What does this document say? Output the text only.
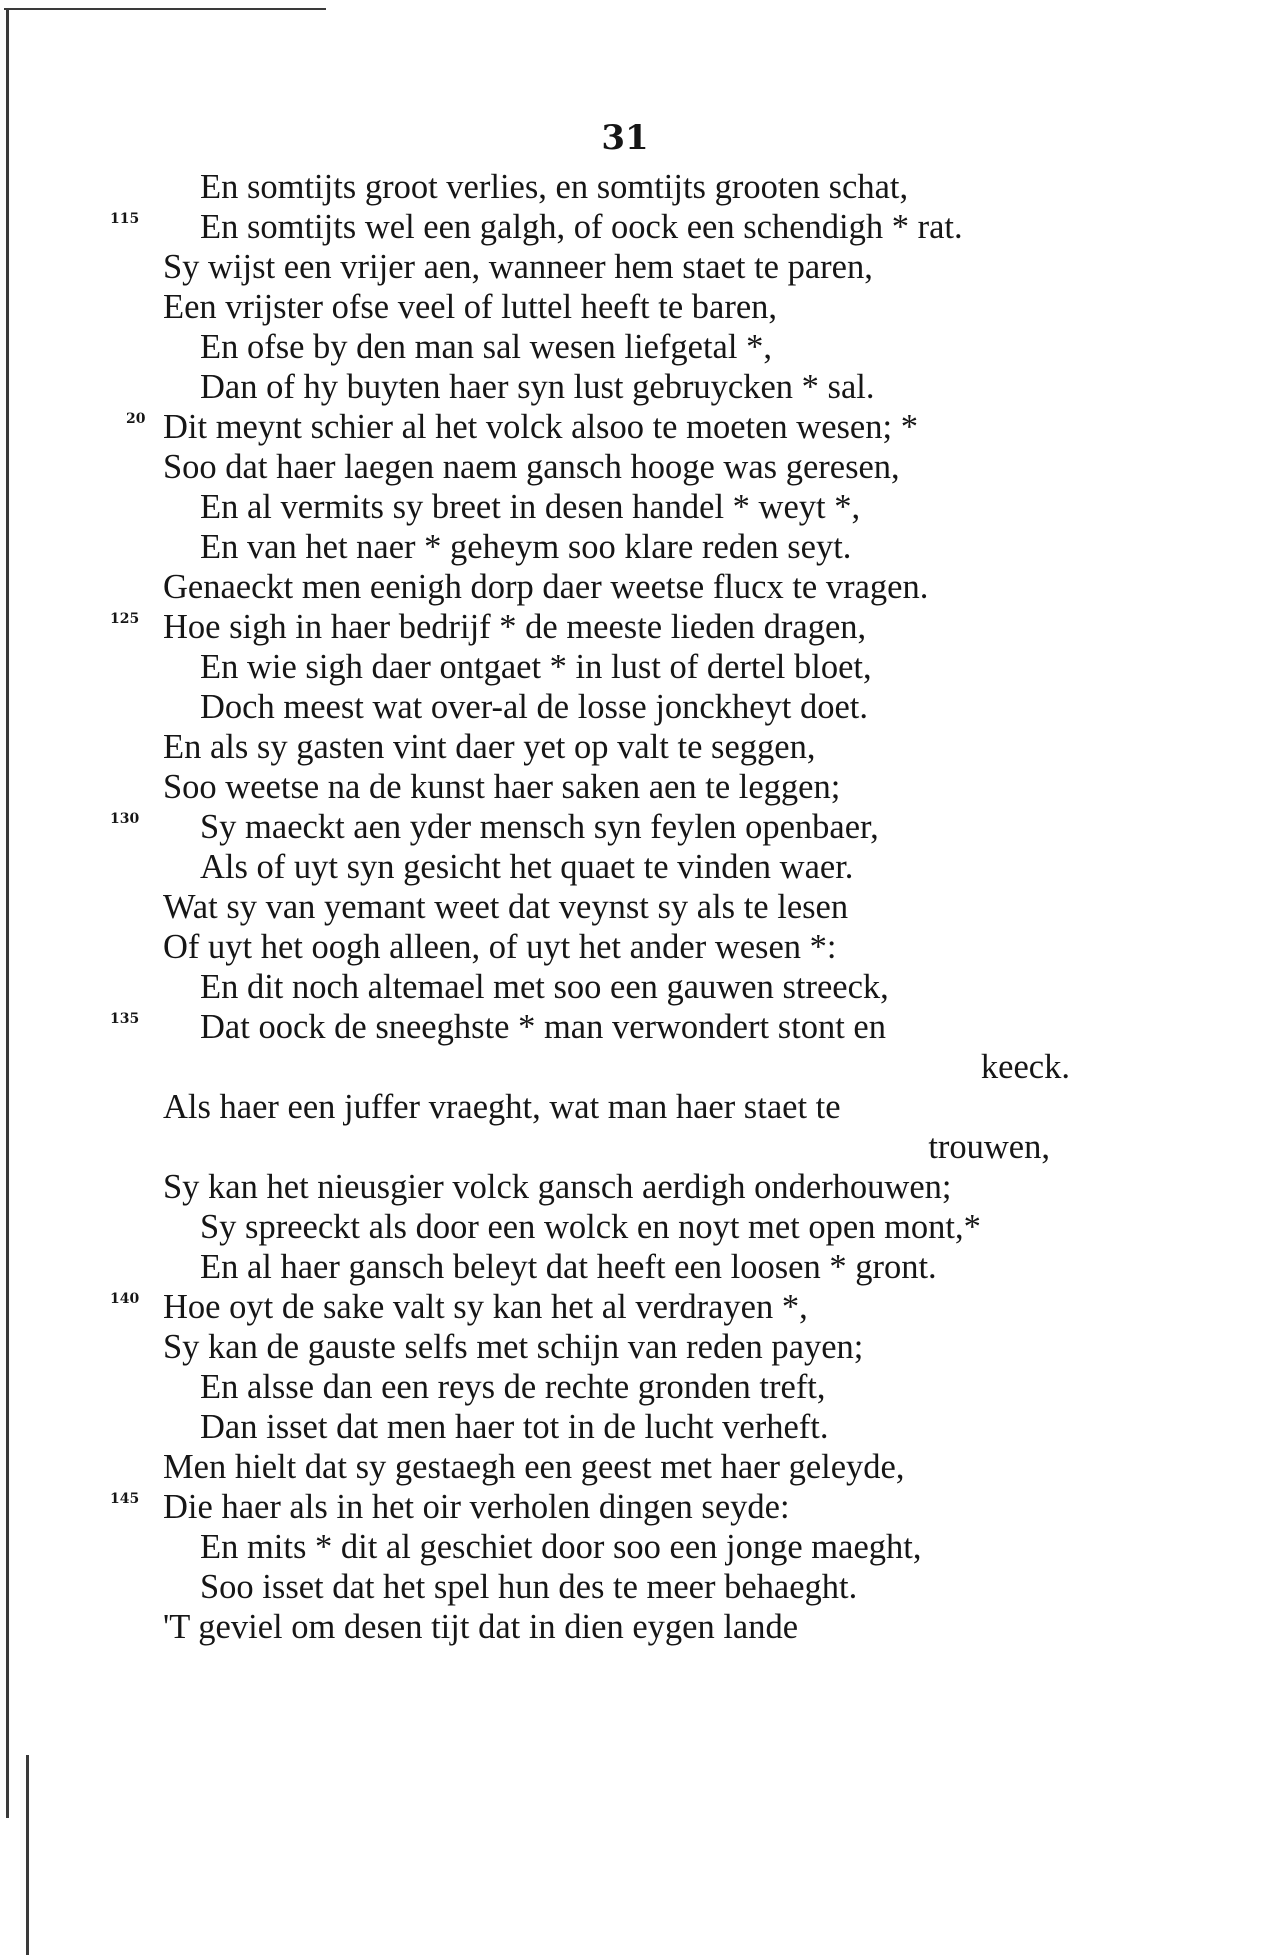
31
En somtijts groot verlies, en somtijts grooten schat,
En somtijts wel een galgh, of oock een schendigh * rat.
Sy wijst een vrijer aen, wanneer hem staet te paren,
Een vrijster ofse veel of luttel heeft te baren,
En ofse by den man sal wesen liefgetal *,
Dan of hy buyten haer syn lust gebruycken * sal.
Dit meynt schier al het volck alsoo te moeten wesen; *
Soo dat haer laegen naem gansch hooge was geresen,
En al vermits sy breet in desen handel * weyt *,
En van het naer * geheym soo klare reden seyt.
Genaeckt men eenigh dorp daer weetse flucx te vragen.
Hoe sigh in haer bedrijf * de meeste lieden dragen,
En wie sigh daer ontgaet * in lust of dertel bloet,
Doch meest wat over-al de losse jonckheyt doet.
En als sy gasten vint daer yet op valt te seggen,
Soo weetse na de kunst haer saken aen te leggen;
Sy maeckt aen yder mensch syn feylen openbaer,
Als of uyt syn gesicht het quaet te vinden waer.
Wat sy van yemant weet dat veynst sy als te lesen
Of uyt het oogh alleen, of uyt het ander wesen *:
En dit noch altemael met soo een gauwen streeck,
Dat oock de sneeghste * man verwondert stont en
keeck.
Als haer een juffer vraeght, wat man haer staet te
trouwen,
Sy kan het nieusgier volck gansch aerdigh onderhouwen;
Sy spreeckt als door een wolck en noyt met open mont,*
En al haer gansch beleyt dat heeft een loosen * gront.
Hoe oyt de sake valt sy kan het al verdrayen *,
Sy kan de gauste selfs met schijn van reden payen;
En alsse dan een reys de rechte gronden treft,
Dan isset dat men haer tot in de lucht verheft.
Men hielt dat sy gestaegh een geest met haer geleyde,
Die haer als in het oir verholen dingen seyde:
En mits * dit al geschiet door soo een jonge maeght,
Soo isset dat het spel hun des te meer behaeght.
'T geviel om desen tijt dat in dien eygen lande
115
20
125
130
135
140
145
